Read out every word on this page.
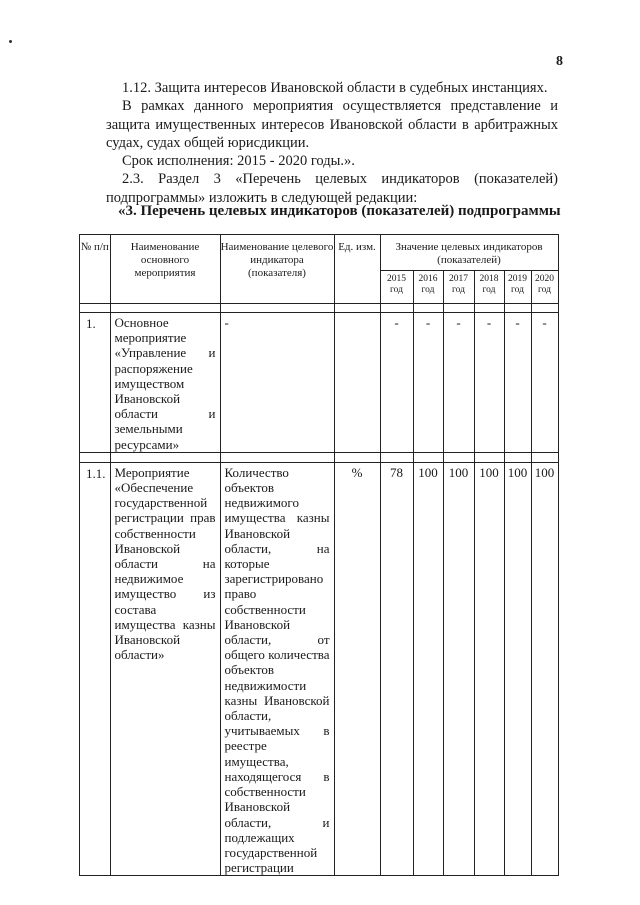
8
1.12. Защита интересов Ивановской области в судебных инстанциях.
В рамках данного мероприятия осуществляется представление и защита имущественных интересов Ивановской области в арбитражных судах, судах общей юрисдикции.
Срок исполнения: 2015 - 2020 годы.».
2.3. Раздел 3 «Перечень целевых индикаторов (показателей) подпрограммы» изложить в следующей редакции:
«3. Перечень целевых индикаторов (показателей) подпрограммы
№ п/п	Наименование основного мероприятия	Наименование целевого индикатора (показателя)	Ед. изм.	Значение целевых индикаторов (показателей)					
				2015 год	2016 год	2017 год	2018 год	2019 год	2020 год

1.	Основное мероприятие «Управление и распоряжение имуществом Ивановской области и земельными ресурсами»	-		-	-	-	-	-	-

1.1.	Мероприятие «Обеспечение государственной регистрации прав собственности Ивановской области на недвижимое имущество из состава имущества казны Ивановской области»	Количество объектов недвижимого имущества казны Ивановской области, на которые зарегистрировано право собственности Ивановской области, от общего количества объектов недвижимости казны Ивановской области, учитываемых в реестре имущества, находящегося в собственности Ивановской области, и подлежащих государственной регистрации	%	78	100	100	100	100	100
